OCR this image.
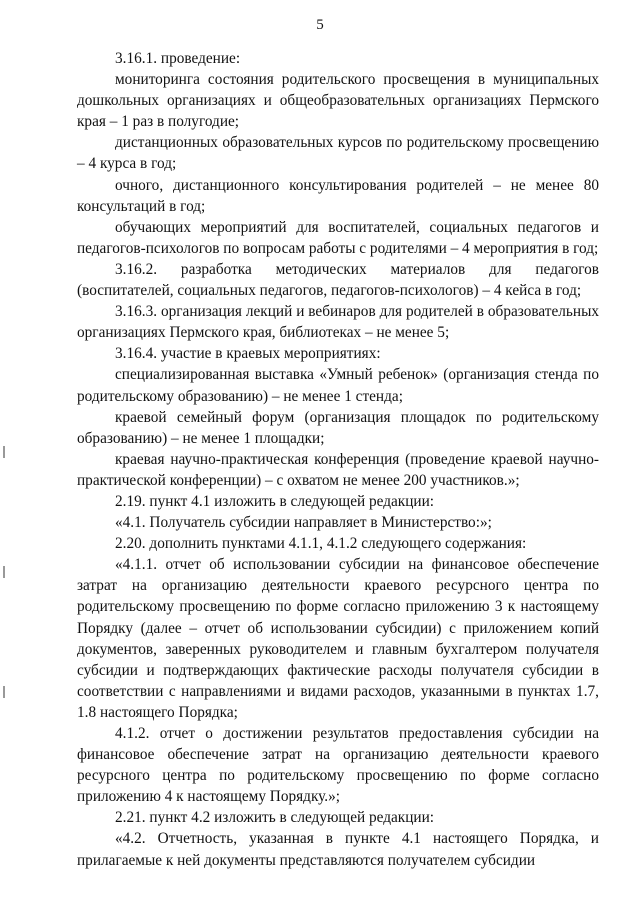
5

3.16.1. проведение:

мониторинга состояния родительского просвещения в муниципальных дошкольных организациях и общеобразовательных организациях Пермского края – 1 раз в полугодие;

дистанционных образовательных курсов по родительскому просвещению – 4 курса в год;

очного, дистанционного консультирования родителей – не менее 80 консультаций в год;

обучающих мероприятий для воспитателей, социальных педагогов и педагогов-психологов по вопросам работы с родителями – 4 мероприятия в год;

3.16.2. разработка методических материалов для педагогов (воспитателей, социальных педагогов, педагогов-психологов) – 4 кейса в год;

3.16.3. организация лекций и вебинаров для родителей в образовательных организациях Пермского края, библиотеках – не менее 5;

3.16.4. участие в краевых мероприятиях:

специализированная выставка «Умный ребенок» (организация стенда по родительскому образованию) – не менее 1 стенда;

краевой семейный форум (организация площадок по родительскому образованию) – не менее 1 площадки;

краевая научно-практическая конференция (проведение краевой научно-практической конференции) – с охватом не менее 200 участников.»;

2.19. пункт 4.1 изложить в следующей редакции:

«4.1. Получатель субсидии направляет в Министерство:»;

2.20. дополнить пунктами 4.1.1, 4.1.2 следующего содержания:

«4.1.1. отчет об использовании субсидии на финансовое обеспечение затрат на организацию деятельности краевого ресурсного центра по родительскому просвещению по форме согласно приложению 3 к настоящему Порядку (далее – отчет об использовании субсидии) с приложением копий документов, заверенных руководителем и главным бухгалтером получателя субсидии и подтверждающих фактические расходы получателя субсидии в соответствии с направлениями и видами расходов, указанными в пунктах 1.7, 1.8 настоящего Порядка;

4.1.2. отчет о достижении результатов предоставления субсидии на финансовое обеспечение затрат на организацию деятельности краевого ресурсного центра по родительскому просвещению по форме согласно приложению 4 к настоящему Порядку.»;

2.21. пункт 4.2 изложить в следующей редакции:

«4.2. Отчетность, указанная в пункте 4.1 настоящего Порядка, и прилагаемые к ней документы представляются получателем субсидии
